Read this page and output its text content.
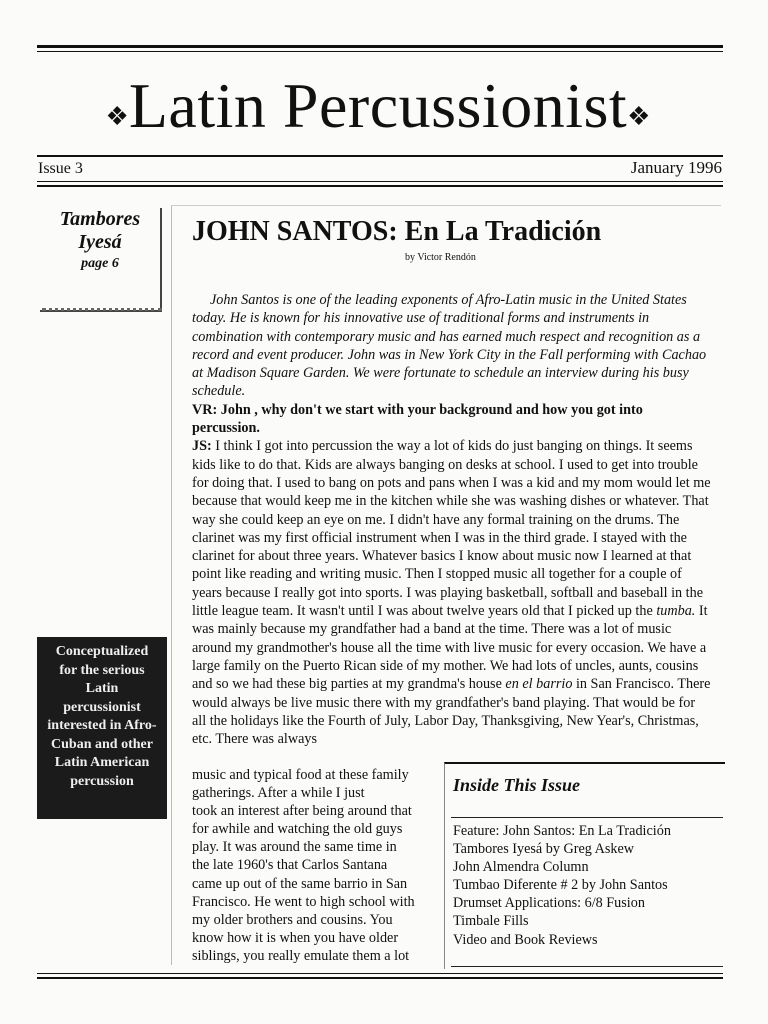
❖Latin Percussionist❖
Issue 3	January 1996
Tambores Iyesá
page 6
Conceptualized
for the serious
Latin
percussionist
interested in Afro-
Cuban and other
Latin American
percussion
JOHN SANTOS: En La Tradición
by Victor Rendón

John Santos is one of the leading exponents of Afro-Latin music in the United States today. He is known for his innovative use of traditional forms and instruments in combination with contemporary music and has earned much respect and recognition as a record and event producer. John was in New York City in the Fall performing with Cachao at Madison Square Garden. We were fortunate to schedule an interview during his busy schedule.

VR: John , why don't we start with your background and how you got into percussion.

JS: I think I got into percussion the way a lot of kids do just banging on things. It seems kids like to do that. Kids are always banging on desks at school. I used to get into trouble for doing that. I used to bang on pots and pans when I was a kid and my mom would let me because that would keep me in the kitchen while she was washing dishes or whatever. That way she could keep an eye on me. I didn't have any formal training on the drums. The clarinet was my first official instrument when I was in the third grade. I stayed with the clarinet for about three years. Whatever basics I know about music now I learned at that point like reading and writing music. Then I stopped music all together for a couple of years because I really got into sports. I was playing basketball, softball and baseball in the little league team. It wasn't until I was about twelve years old that I picked up the tumba. It was mainly because my grandfather had a band at the time. There was a lot of music around my grandmother's house all the time with live music for every occasion. We have a large family on the Puerto Rican side of my mother. We had lots of uncles, aunts, cousins and so we had these big parties at my grandma's house en el barrio in San Francisco. There would always be live music there with my grandfather's band playing. That would be for all the holidays like the Fourth of July, Labor Day, Thanksgiving, New Year's, Christmas, etc. There was always

music and typical food at these family
gatherings. After a while I just
took an interest after being around that
for awhile and watching the old guys
play. It was around the same time in
the late 1960's that Carlos Santana
came up out of the same barrio in San
Francisco. He went to high school with
my older brothers and cousins. You
know how it is when you have older
siblings, you really emulate them a lot
Inside This Issue
Feature: John Santos: En La Tradición
Tambores Iyesá by Greg Askew
John Almendra Column
Tumbao Diferente # 2 by John Santos
Drumset Applications: 6/8 Fusion
Timbale Fills
Video and Book Reviews
